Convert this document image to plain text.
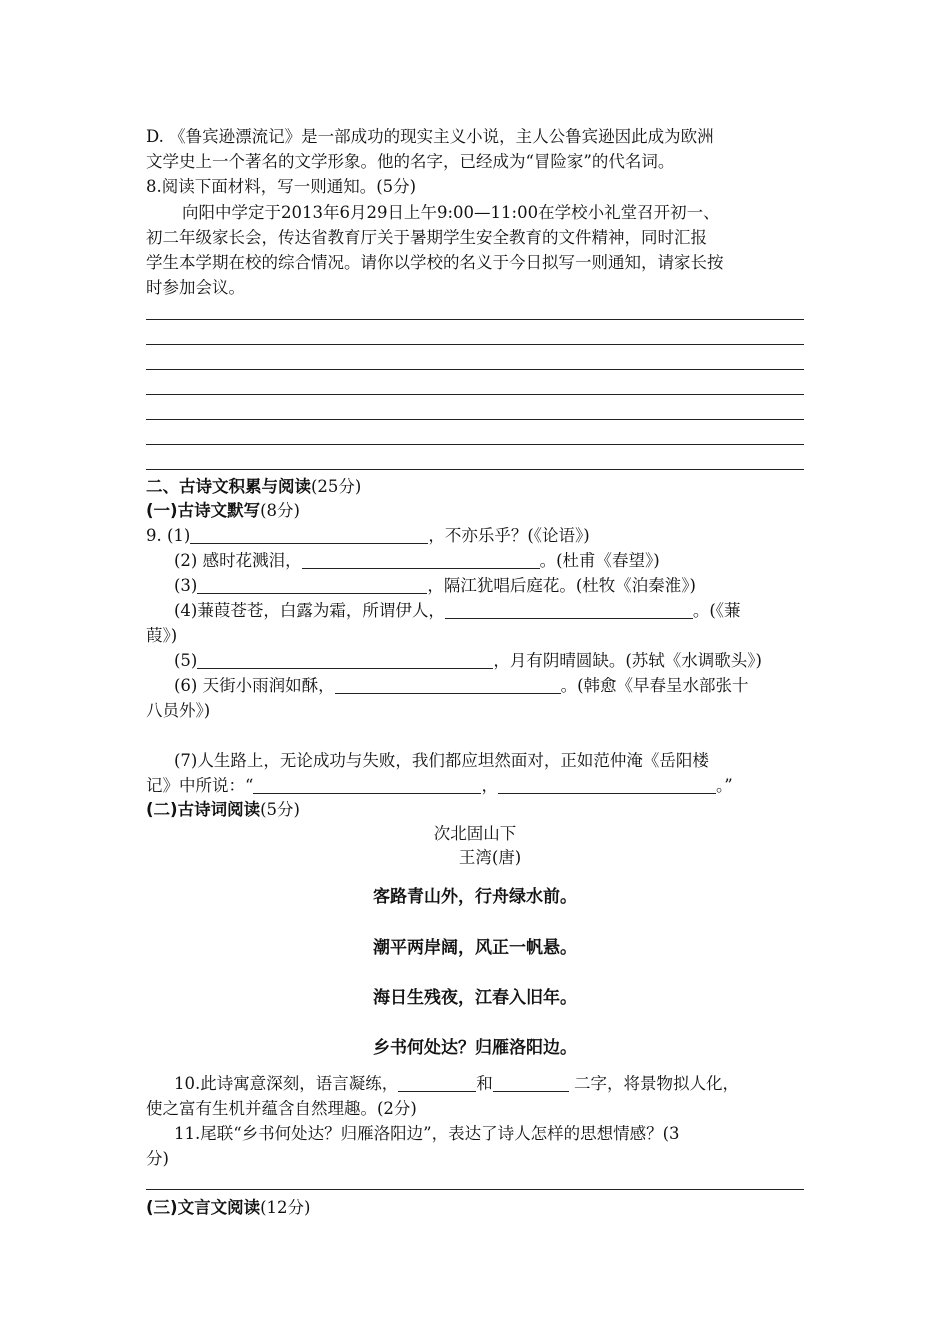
D. 《鲁宾逊漂流记》是一部成功的现实主义小说，主人公鲁宾逊因此成为欧洲
文学史上一个著名的文学形象。他的名字，已经成为“冒险家”的代名词。
8.阅读下面材料，写一则通知。(5分)
向阳中学定于2013年6月29日上午9:00—11:00在学校小礼堂召开初一、
初二年级家长会，传达省教育厅关于暑期学生安全教育的文件精神，同时汇报
学生本学期在校的综合情况。请你以学校的名义于今日拟写一则通知，请家长按
时参加会议。
二、古诗文积累与阅读(25分)
(一)古诗文默写(8分)
9. (1)	，不亦乐乎？(《论语》)
(2) 感时花溅泪，	。(杜甫《春望》)
(3)	，隔江犹唱后庭花。(杜牧《泊秦淮》)
(4)蒹葭苍苍，白露为霜，所谓伊人，	。(《蒹
葭》)
(5)	，月有阴晴圆缺。(苏轼《水调歌头》)
(6) 天街小雨润如酥，	。(韩愈《早春呈水部张十
八员外》)
(7)人生路上，无论成功与失败，我们都应坦然面对，正如范仲淹《岳阳楼
记》中所说：“	，	。”
(二)古诗词阅读(5分)
次北固山下
王湾(唐)
客路青山外，行舟绿水前。
潮平两岸阔，风正一帆悬。
海日生残夜，江春入旧年。
乡书何处达？归雁洛阳边。
10.此诗寓意深刻，语言凝练，	和	二字，将景物拟人化，
使之富有生机并蕴含自然理趣。(2分)
11.尾联“乡书何处达？归雁洛阳边”，表达了诗人怎样的思想情感？(3
分)
(三)文言文阅读(12分)
